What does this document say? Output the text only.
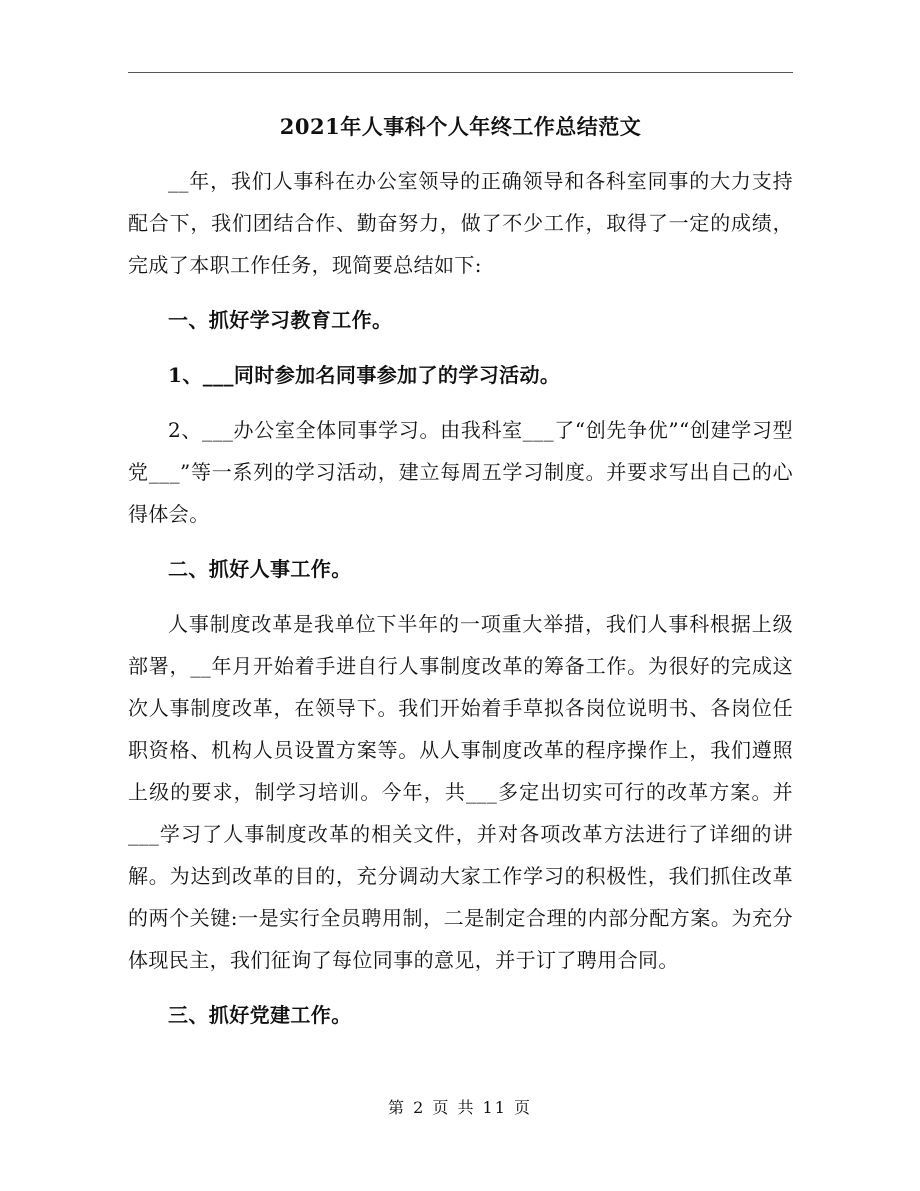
2021年人事科个人年终工作总结范文

__年，我们人事科在办公室领导的正确领导和各科室同事的大力支持配合下，我们团结合作、勤奋努力，做了不少工作，取得了一定的成绩，完成了本职工作任务，现简要总结如下:

一、抓好学习教育工作。

1、___同时参加名同事参加了的学习活动。

2、___办公室全体同事学习。由我科室___了“创先争优”“创建学习型党___”等一系列的学习活动，建立每周五学习制度。并要求写出自己的心得体会。

二、抓好人事工作。

人事制度改革是我单位下半年的一项重大举措，我们人事科根据上级部署，__年月开始着手进自行人事制度改革的筹备工作。为很好的完成这次人事制度改革，在领导下。我们开始着手草拟各岗位说明书、各岗位任职资格、机构人员设置方案等。从人事制度改革的程序操作上，我们遵照上级的要求，制学习培训。今年，共___多定出切实可行的改革方案。并___学习了人事制度改革的相关文件，并对各项改革方法进行了详细的讲解。为达到改革的目的，充分调动大家工作学习的积极性，我们抓住改革的两个关键:一是实行全员聘用制，二是制定合理的内部分配方案。为充分体现民主，我们征询了每位同事的意见，并于订了聘用合同。

三、抓好党建工作。

第 2 页 共 11 页
